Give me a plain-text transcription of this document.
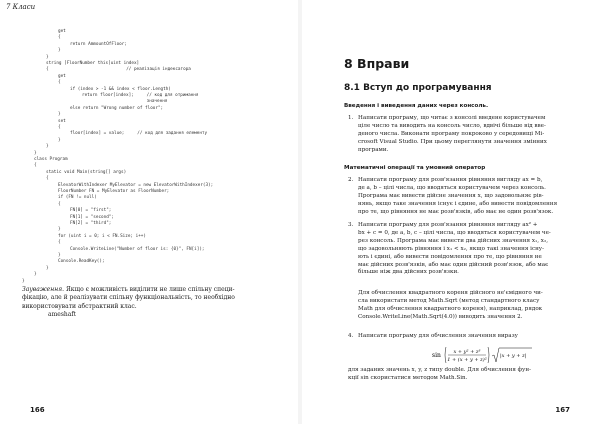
7 Класи
get
{
return AmmountOfFloor;
}
}
string [FloorNumber this[uint index]
{                              // реалізація індексатора
get
{
if (index > -1 && index < floor.Length)
return floor[index];     // код для отримання
значення
else return "Wrong number of floor";
}
set
{
floor[index] = value;     // код для задання елементу
}
}
}
class Program
{
static void Main(string[] args)
{
ElevatorWithIndexer MyElevator = new ElevatorWithIndexer(3);
FloorNumber FN = MyElevator as FloorNumber;
if (FN != null)
{
FN[0] = "first";
FN[1] = "second";
FN[2] = "third";
}
for (uint i = 0; i < FN.Size; i++)
{
Console.WriteLine("Number of floor is: {0}", FN[i]);
}
Console.ReadKey();
}
}
}
Зауваження. Якщо є можливість виділити не лише спільну специ-
фікацію, але й реалізувати спільну функціональність, то необхідно
використовувати абстрактний клас.
ameshaft
166
8 Вправи
8.1 Вступ до програмування
Введення і виведення даних через консоль.
1. Написати програму, що читає з консолі введене користувачем
ціле число та виводить на консоль число, вдвічі більше від вве-
деного числа. Виконати програму покроково у середовищі Mi-
crosoft Visual Studio. При цьому переглянути значення змінних
програми.
Математичні операції та умовний оператор
2. Написати програму для розв'язання рівняння вигляду ax = b,
де a, b – цілі числа, що вводяться користувачем через консоль.
Програма має вивести дійсне значення x, що задовольняє рів-
нянь, якщо таке значення існує і єдине, або вивести повідомлення
про те, що рівняння не має розв'язків, або має не один розв'язок.
3. Написати програму для розв'язання рівняння вигляду ax² +
bx + c = 0, де a, b, c – цілі числа, що вводяться користувачем че-
рез консоль. Програма має вивести два дійсних значення x₁, x₂,
що задовольняють рівняння і x₁ < x₂, якщо такі значення існу-
ють і єдині, або вивести повідомлення про те, що рівняння не
має дійсних розв'язків, або має один дійсний розв'язок, або має
більше ніж два дійсних розв'язки.
Для обчислення квадратного кореня дійсного не'ємідного чи-
сла використати метод Math.Sqrt (метод стандартного класу
Math для обчислення квадратного кореня), наприклад, рядок
Console.WriteLine(Math.Sqrt(4.0)) виводить значення 2.
4. Написати програму для обчислення значення виразу
sin	x + y² + z³
1 + (x + y + z)²
|x + y + z|
для заданих значень x, y, z типу double. Для обчислення фун-
кції sin скористатися методом Math.Sin.
167
